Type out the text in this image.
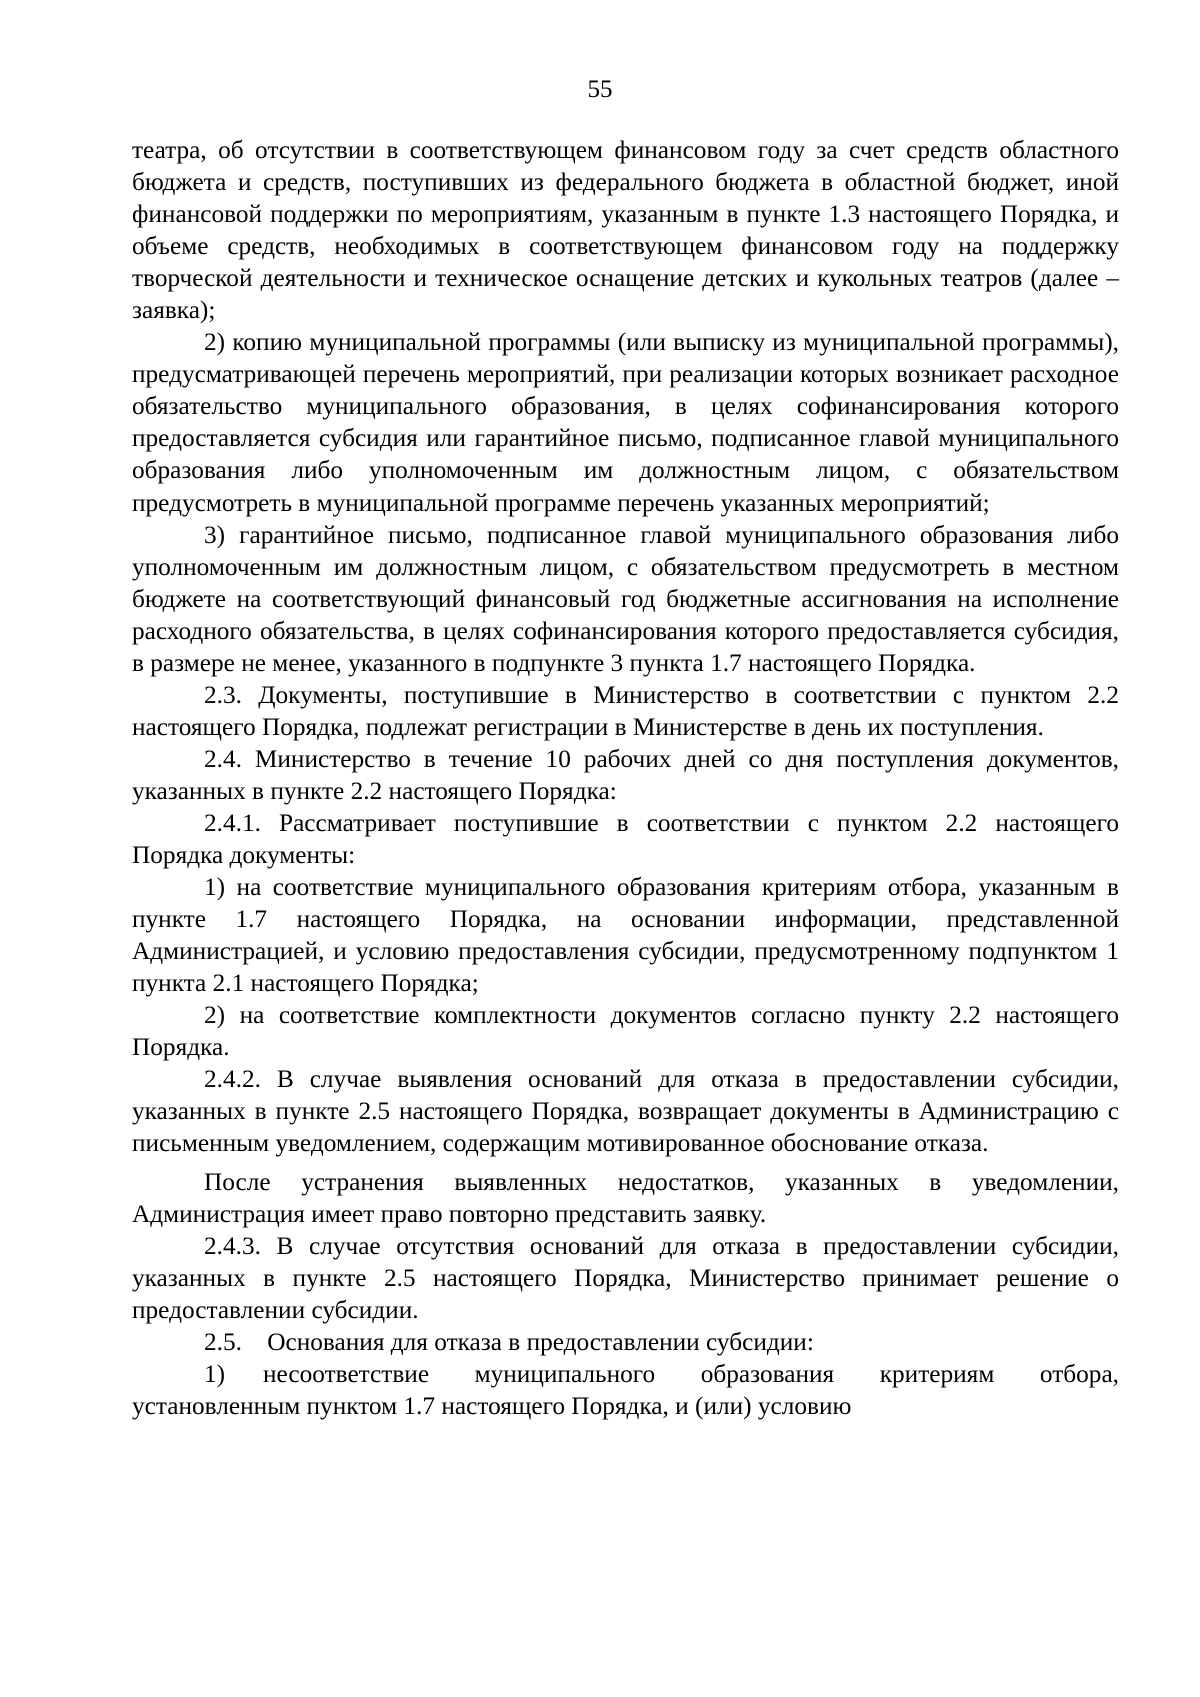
55

театра, об отсутствии в соответствующем финансовом году за счет средств областного бюджета и средств, поступивших из федерального бюджета в областной бюджет, иной финансовой поддержки по мероприятиям, указанным в пункте 1.3 настоящего Порядка, и объеме средств, необходимых в соответствующем финансовом году на поддержку творческой деятельности и техническое оснащение детских и кукольных театров (далее – заявка);

2) копию муниципальной программы (или выписку из муниципальной программы), предусматривающей перечень мероприятий, при реализации которых возникает расходное обязательство муниципального образования, в целях софинансирования которого предоставляется субсидия или гарантийное письмо, подписанное главой муниципального образования либо уполномоченным им должностным лицом, с обязательством предусмотреть в муниципальной программе перечень указанных мероприятий;

3) гарантийное письмо, подписанное главой муниципального образования либо уполномоченным им должностным лицом, с обязательством предусмотреть в местном бюджете на соответствующий финансовый год бюджетные ассигнования на исполнение расходного обязательства, в целях софинансирования которого предоставляется субсидия, в размере не менее, указанного в подпункте 3 пункта 1.7 настоящего Порядка.

2.3. Документы, поступившие в Министерство в соответствии с пунктом 2.2 настоящего Порядка, подлежат регистрации в Министерстве в день их поступления.

2.4. Министерство в течение 10 рабочих дней со дня поступления документов, указанных в пункте 2.2 настоящего Порядка:

2.4.1. Рассматривает поступившие в соответствии с пунктом 2.2 настоящего Порядка документы:

1) на соответствие муниципального образования критериям отбора, указанным в пункте 1.7 настоящего Порядка, на основании информации, представленной Администрацией, и условию предоставления субсидии, предусмотренному подпунктом 1 пункта 2.1 настоящего Порядка;

2) на соответствие комплектности документов согласно пункту 2.2 настоящего Порядка.

2.4.2. В случае выявления оснований для отказа в предоставлении субсидии, указанных в пункте 2.5 настоящего Порядка, возвращает документы в Администрацию с письменным уведомлением, содержащим мотивированное обоснование отказа.

После устранения выявленных недостатков, указанных в уведомлении, Администрация имеет право повторно представить заявку.

2.4.3. В случае отсутствия оснований для отказа в предоставлении субсидии, указанных в пункте 2.5 настоящего Порядка, Министерство принимает решение о предоставлении субсидии.

2.5. Основания для отказа в предоставлении субсидии:

1)  несоответствие муниципального образования критериям отбора, установленным пунктом 1.7 настоящего Порядка, и (или) условию
